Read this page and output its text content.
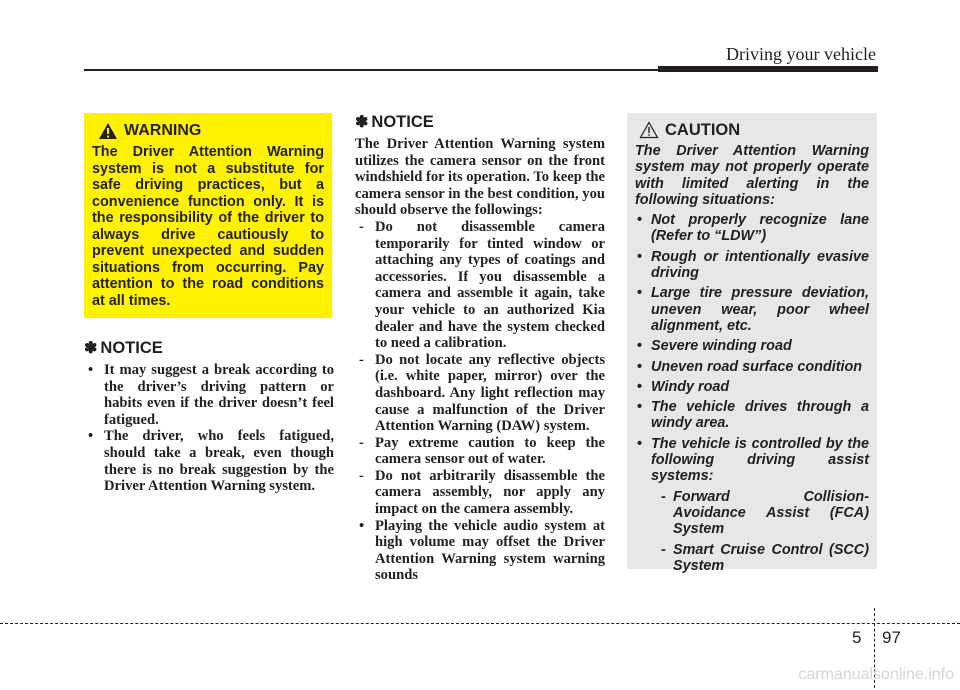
Driving your vehicle
WARNING
The Driver Attention Warning system is not a substitute for safe driving practices, but a convenience function only. It is the responsibility of the driver to always drive cautiously to prevent unexpected and sudden situations from occurring. Pay attention to the road conditions at all times.
✽ NOTICE
• It may suggest a break according to the driver’s driving pattern or habits even if the driver doesn’t feel fatigued.
• The driver, who feels fatigued, should take a break, even though there is no break suggestion by the Driver Attention Warning system.
✽ NOTICE
The Driver Attention Warning system utilizes the camera sensor on the front windshield for its operation. To keep the camera sensor in the best condition, you should observe the followings:
- Do not disassemble camera temporarily for tinted window or attaching any types of coatings and accessories. If you disassemble a camera and assemble it again, take your vehicle to an authorized Kia dealer and have the system checked to need a calibration.
- Do not locate any reflective objects (i.e. white paper, mirror) over the dashboard. Any light reflection may cause a malfunction of the Driver Attention Warning (DAW) system.
- Pay extreme caution to keep the camera sensor out of water.
- Do not arbitrarily disassemble the camera assembly, nor apply any impact on the camera assembly.
• Playing the vehicle audio system at high volume may offset the Driver Attention Warning system warning sounds
CAUTION
The Driver Attention Warning system may not properly operate with limited alerting in the following situations:
• Not properly recognize lane (Refer to “LDW”)
• Rough or intentionally evasive driving
• Large tire pressure deviation, uneven wear, poor wheel alignment, etc.
• Severe winding road
• Uneven road surface condition
• Windy road
• The vehicle drives through a windy area.
• The vehicle is controlled by the following driving assist systems:
- Forward Collision-Avoidance Assist (FCA) System
- Smart Cruise Control (SCC) System
5 97
carmanualsonline.info
